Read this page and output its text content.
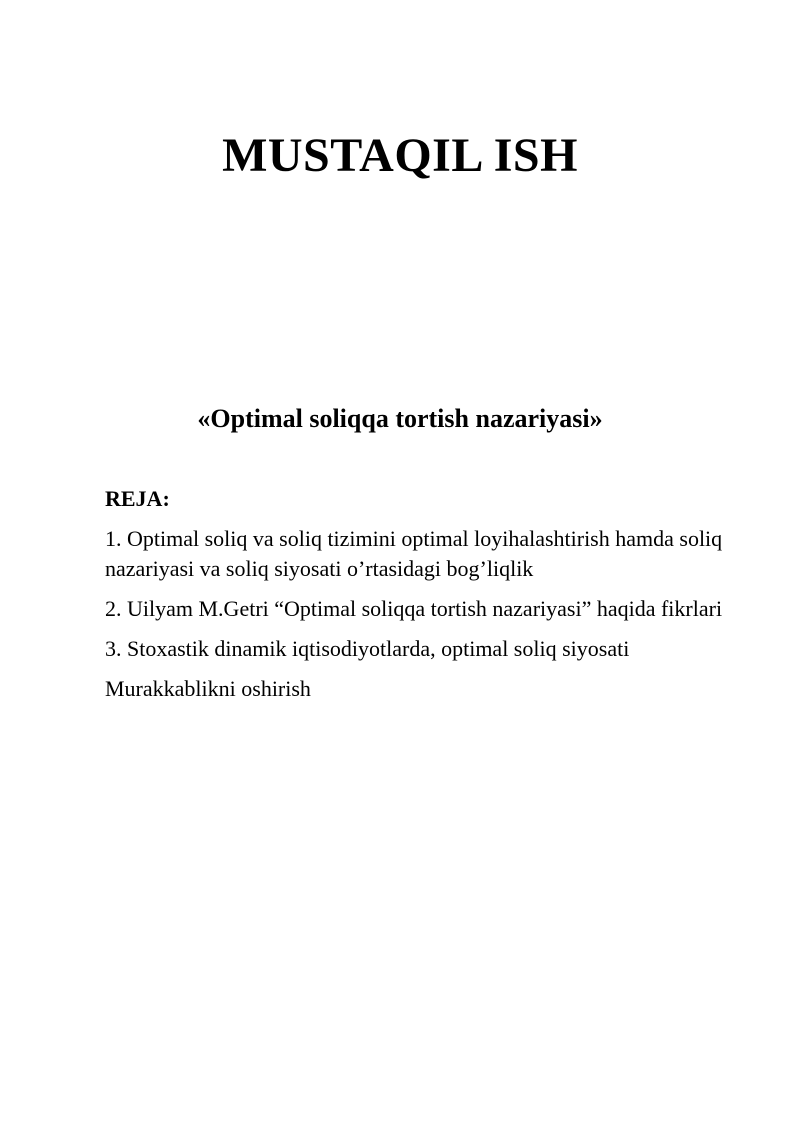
MUSTAQIL ISH
«Optimal soliqqa tortish nazariyasi»

REJA:

1. Optimal soliq va soliq tizimini optimal loyihalashtirish hamda soliq nazariyasi va soliq siyosati o’rtasidagi bog’liqlik

2. Uilyam M.Getri “Optimal soliqqa tortish nazariyasi” haqida fikrlari

3. Stoxastik dinamik iqtisodiyotlarda, optimal soliq siyosati

Murakkablikni oshirish
